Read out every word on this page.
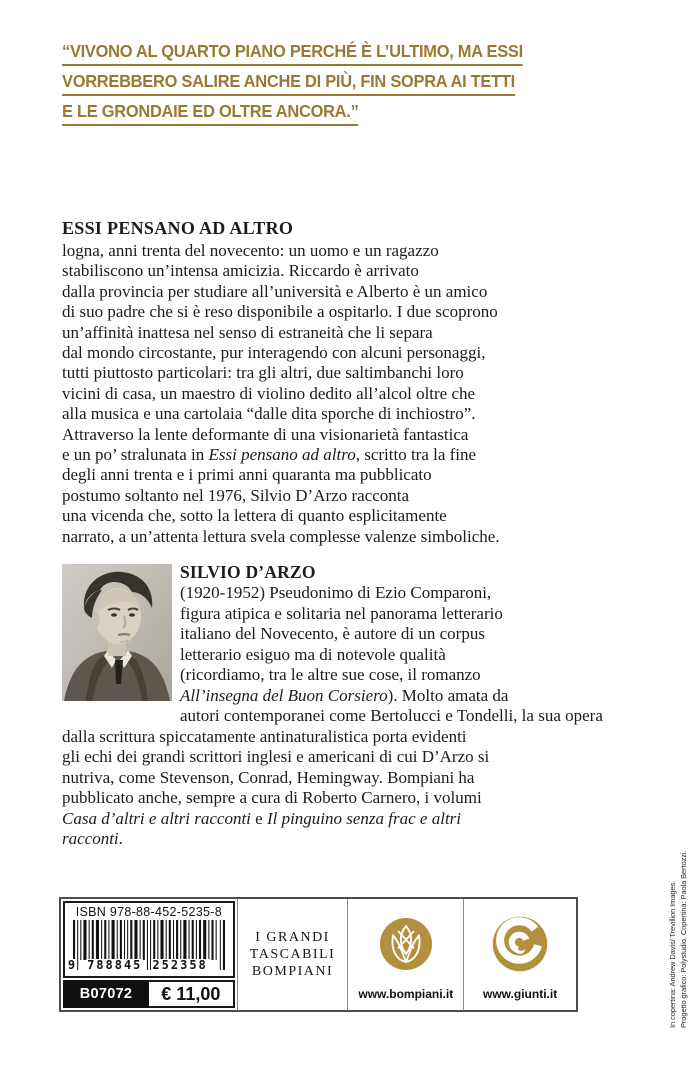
“VIVONO AL QUARTO PIANO PERCHÉ È L’ULTIMO, MA ESSI
VORREBBERO SALIRE ANCHE DI PIÙ, FIN SOPRA AI TETTI
E LE GRONDAIE ED OLTRE ANCORA.”
ESSI PENSANO AD ALTRO
logna, anni trenta del novecento: un uomo e un ragazzo
stabiliscono un’intensa amicizia. Riccardo è arrivato
dalla provincia per studiare all’università e Alberto è un amico
di suo padre che si è reso disponibile a ospitarlo. I due scoprono
un’affinità inattesa nel senso di estraneità che li separa
dal mondo circostante, pur interagendo con alcuni personaggi,
tutti piuttosto particolari: tra gli altri, due saltimbanchi loro
vicini di casa, un maestro di violino dedito all’alcol oltre che
alla musica e una cartolaia “dalle dita sporche di inchiostro”.
Attraverso la lente deformante di una visionarietà fantastica
e un po’ stralunata in Essi pensano ad altro, scritto tra la fine
degli anni trenta e i primi anni quaranta ma pubblicato
postumo soltanto nel 1976, Silvio D’Arzo racconta
una vicenda che, sotto la lettera di quanto esplicitamente
narrato, a un’attenta lettura svela complesse valenze simboliche.
SILVIO D’ARZO
(1920-1952) Pseudonimo di Ezio Comparoni,
figura atipica e solitaria nel panorama letterario
italiano del Novecento, è autore di un corpus
letterario esiguo ma di notevole qualità
(ricordiamo, tra le altre sue cose, il romanzo
All’insegna del Buon Corsiero). Molto amata da
autori contemporanei come Bertolucci e Tondelli, la sua opera
dalla scrittura spiccatamente antinaturalistica porta evidenti
gli echi dei grandi scrittori inglesi e americani di cui D’Arzo si
nutriva, come Stevenson, Conrad, Hemingway. Bompiani ha
pubblicato anche, sempre a cura di Roberto Carnero, i volumi
Casa d’altri e altri racconti e Il pinguino senza frac e altri
racconti.
ISBN 978-88-452-5235-8
9 788845 252358
B07072	€ 11,00
I GRANDI
TASCABILI
BOMPIANI
www.bompiani.it www.giunti.it	In copertina: Andrew Davis/ Trevillion Images. Progetto grafico: Polystudio. Copertina: Paola Bertozzi.
